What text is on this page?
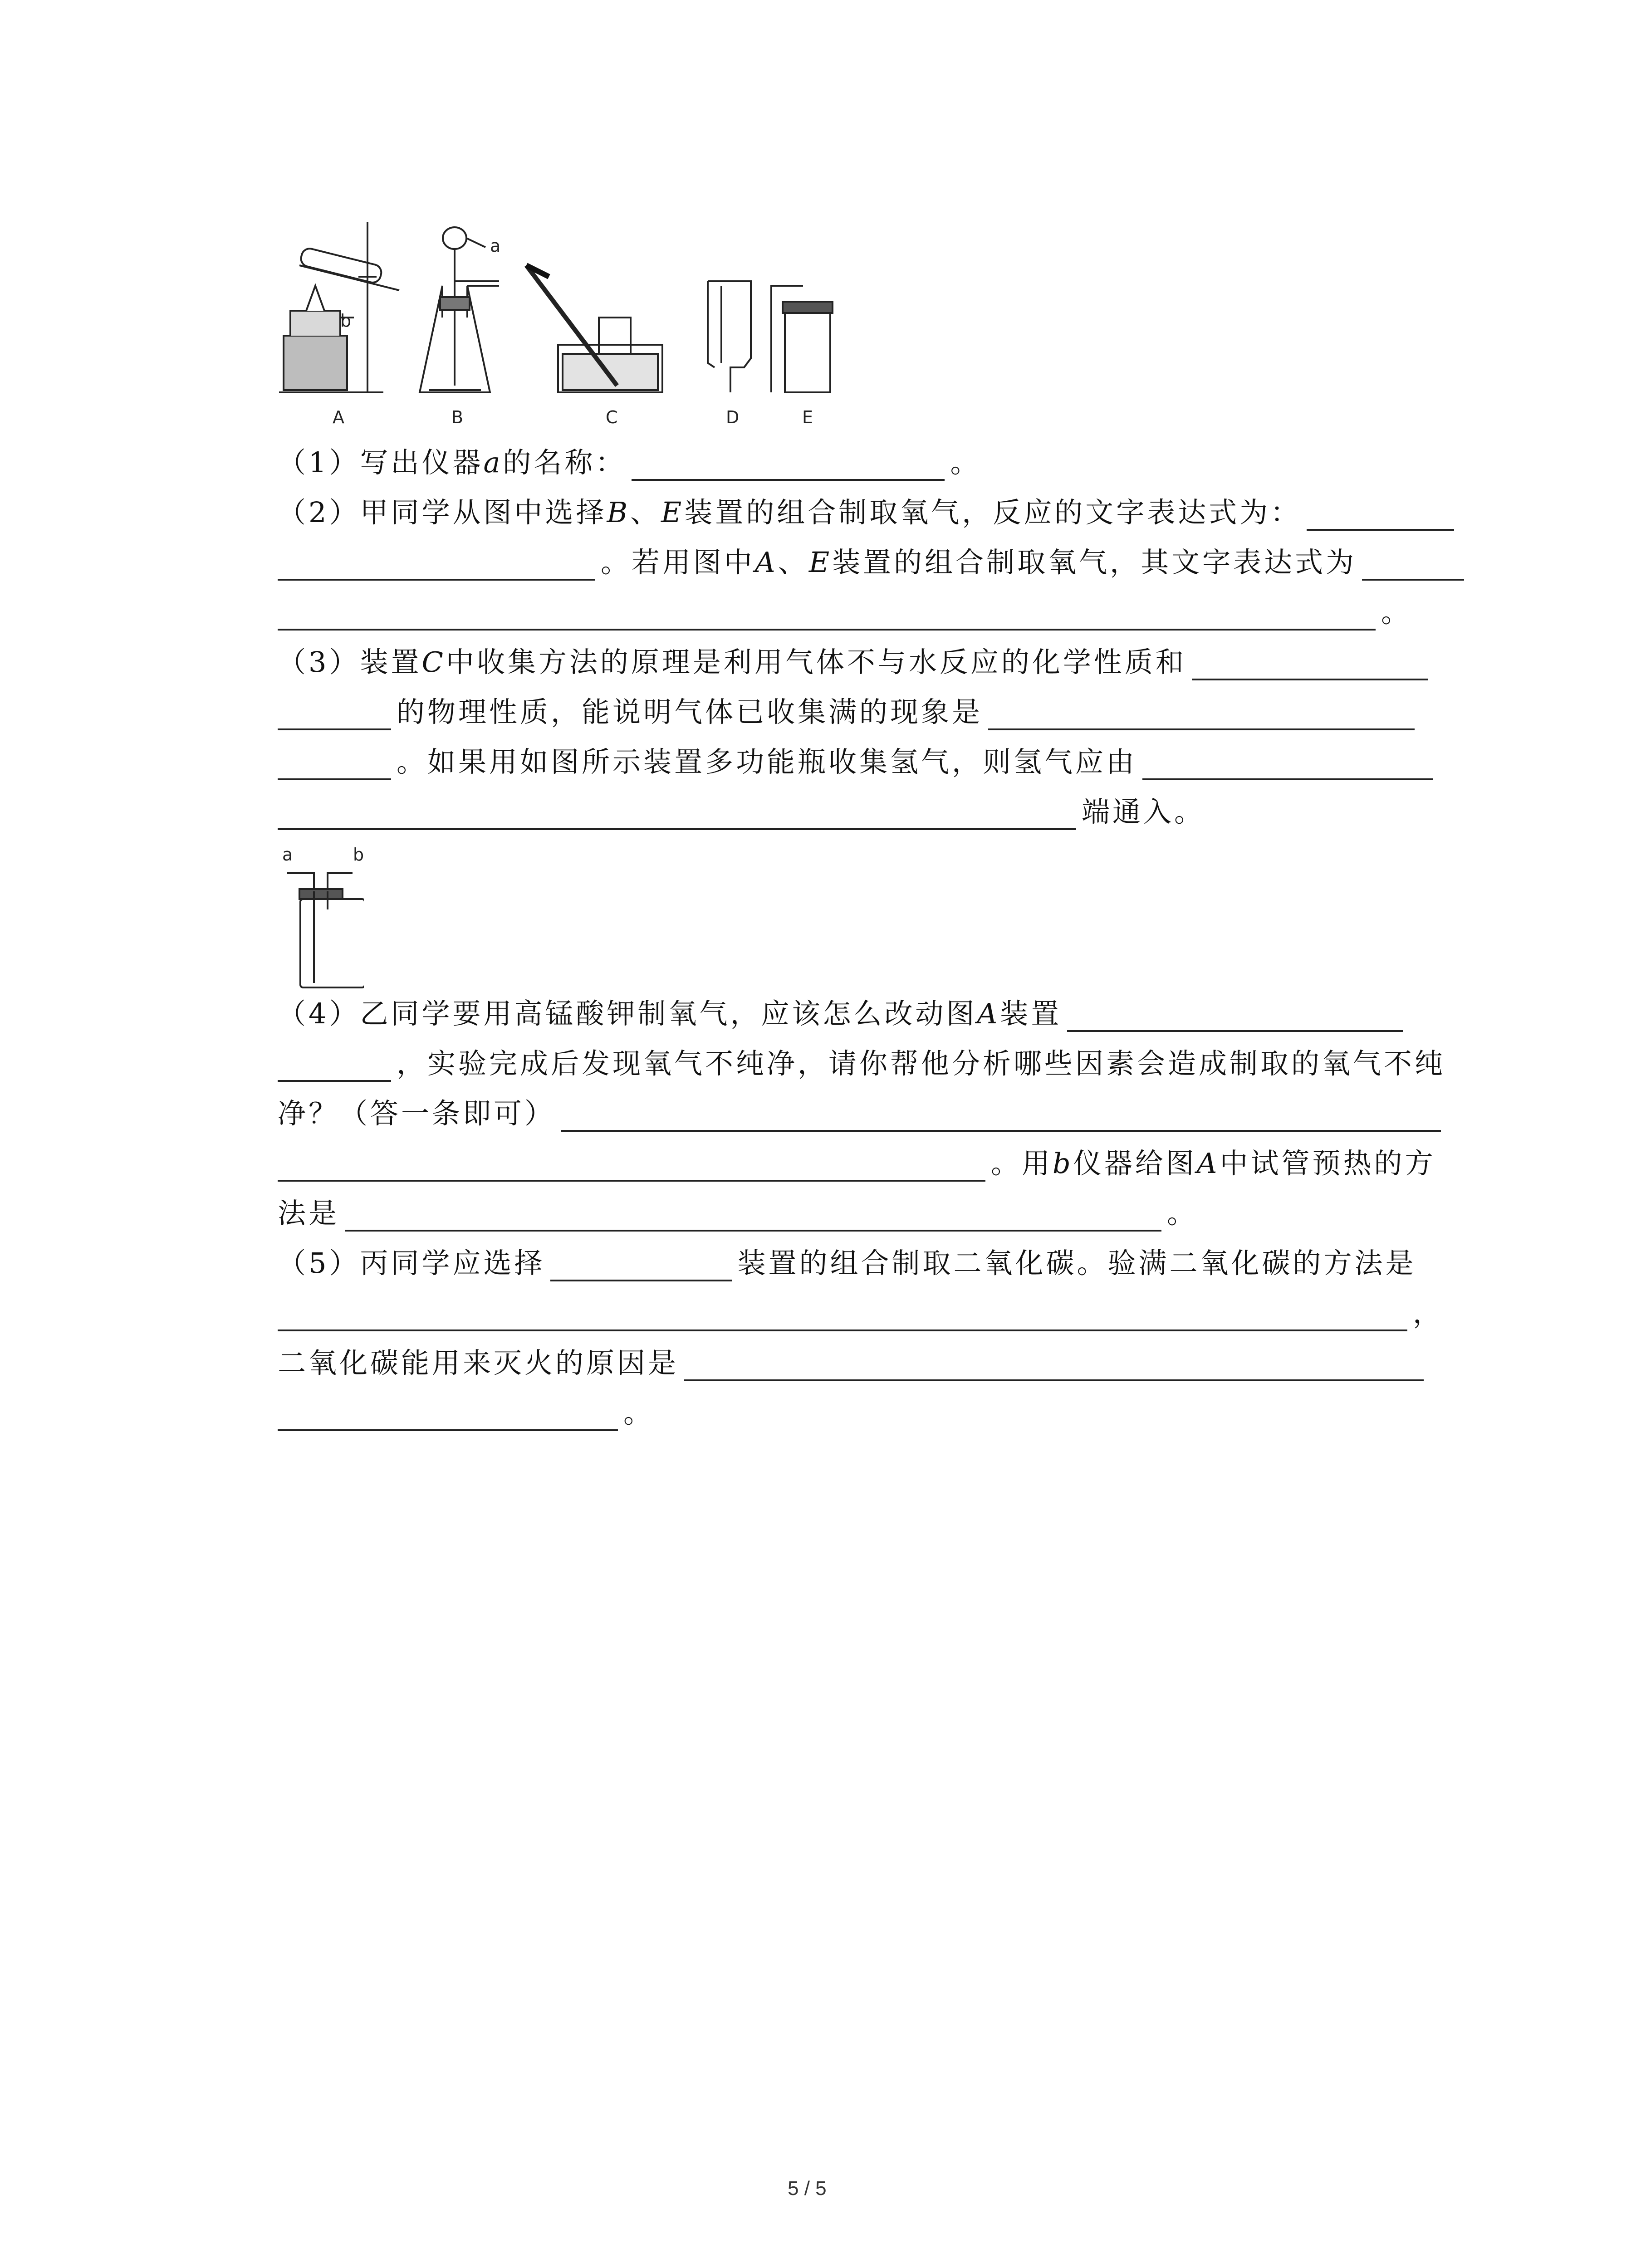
A	B	C	D	E
a
b
（1）写出仪器a的名称：	。
（2）甲同学从图中选择B、E装置的组合制取氧气，反应的文字表达式为：
。若用图中A、E装置的组合制取氧气，其文字表达式为
。
（3）装置C中收集方法的原理是利用气体不与水反应的化学性质和
的物理性质，能说明气体已收集满的现象是
。如果用如图所示装置多功能瓶收集氢气，则氢气应由
端通入。
a	b
（4）乙同学要用高锰酸钾制氧气，应该怎么改动图A装置
，实验完成后发现氧气不纯净，请你帮他分析哪些因素会造成制取的氧气不纯
净？（答一条即可）
。用b仪器给图A中试管预热的方
法是	。
（5）丙同学应选择	装置的组合制取二氧化碳。验满二氧化碳的方法是
，
二氧化碳能用来灭火的原因是
。
5 / 5
